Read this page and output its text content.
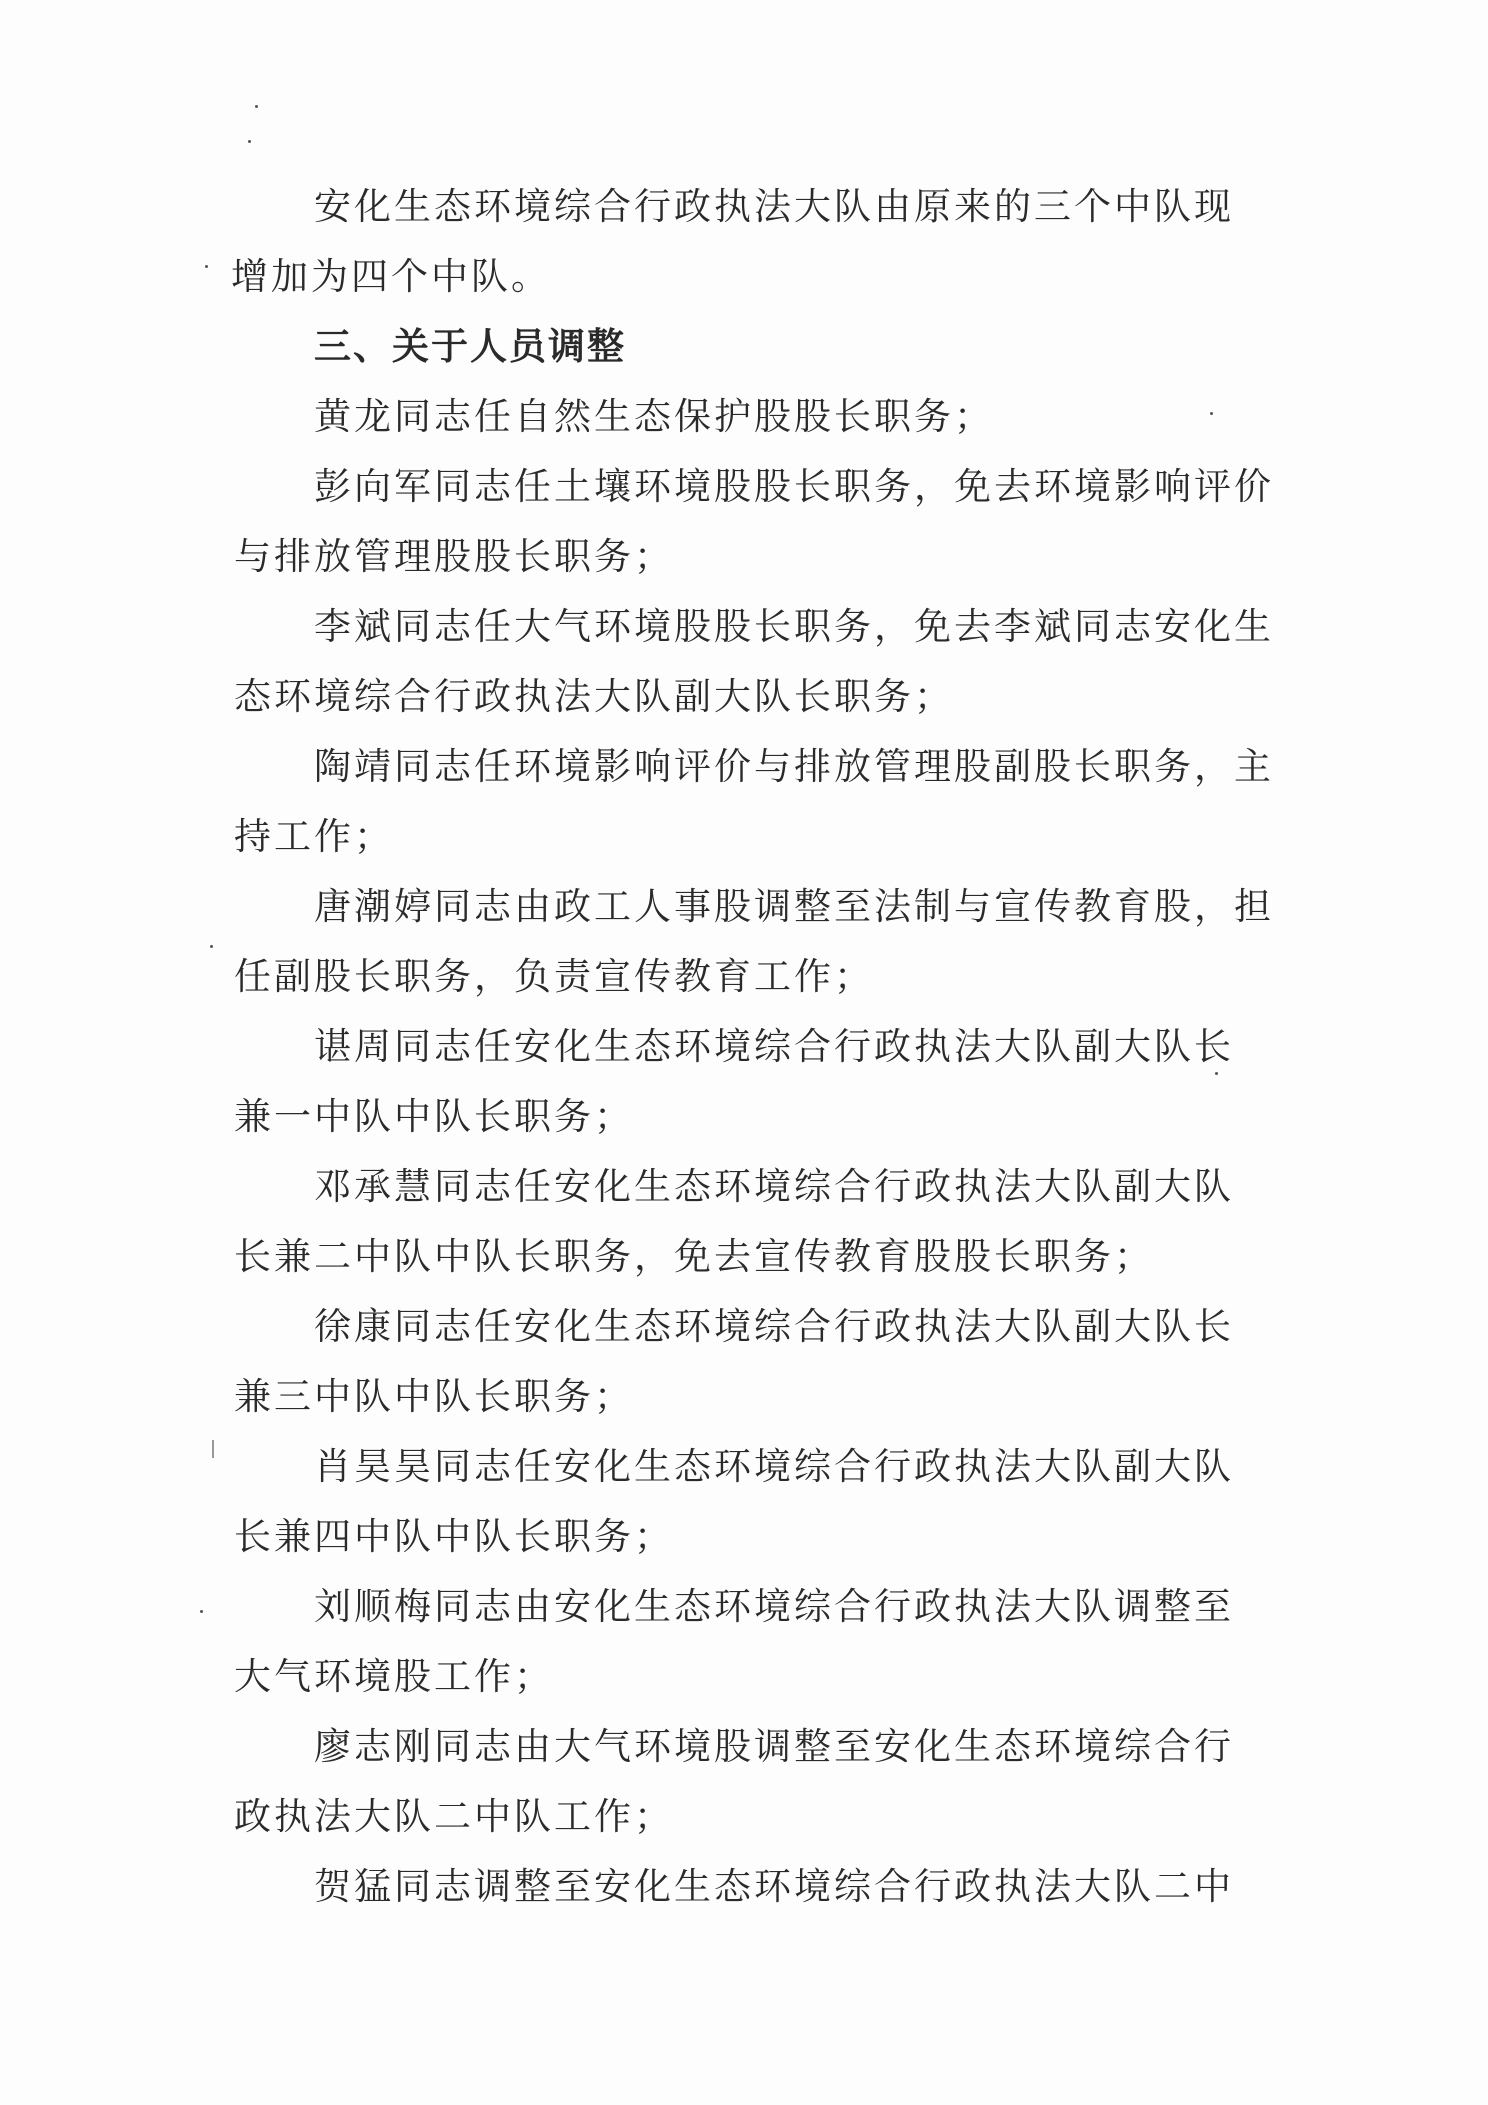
安化生态环境综合行政执法大队由原来的三个中队现
增加为四个中队。
三、关于人员调整
黄龙同志任自然生态保护股股长职务；
彭向军同志任土壤环境股股长职务，免去环境影响评价
与排放管理股股长职务；
李斌同志任大气环境股股长职务，免去李斌同志安化生
态环境综合行政执法大队副大队长职务；
陶靖同志任环境影响评价与排放管理股副股长职务，主
持工作；
唐潮婷同志由政工人事股调整至法制与宣传教育股，担
任副股长职务，负责宣传教育工作；
谌周同志任安化生态环境综合行政执法大队副大队长
兼一中队中队长职务；
邓承慧同志任安化生态环境综合行政执法大队副大队
长兼二中队中队长职务，免去宣传教育股股长职务；
徐康同志任安化生态环境综合行政执法大队副大队长
兼三中队中队长职务；
肖昊昊同志任安化生态环境综合行政执法大队副大队
长兼四中队中队长职务；
刘顺梅同志由安化生态环境综合行政执法大队调整至
大气环境股工作；
廖志刚同志由大气环境股调整至安化生态环境综合行
政执法大队二中队工作；
贺猛同志调整至安化生态环境综合行政执法大队二中
